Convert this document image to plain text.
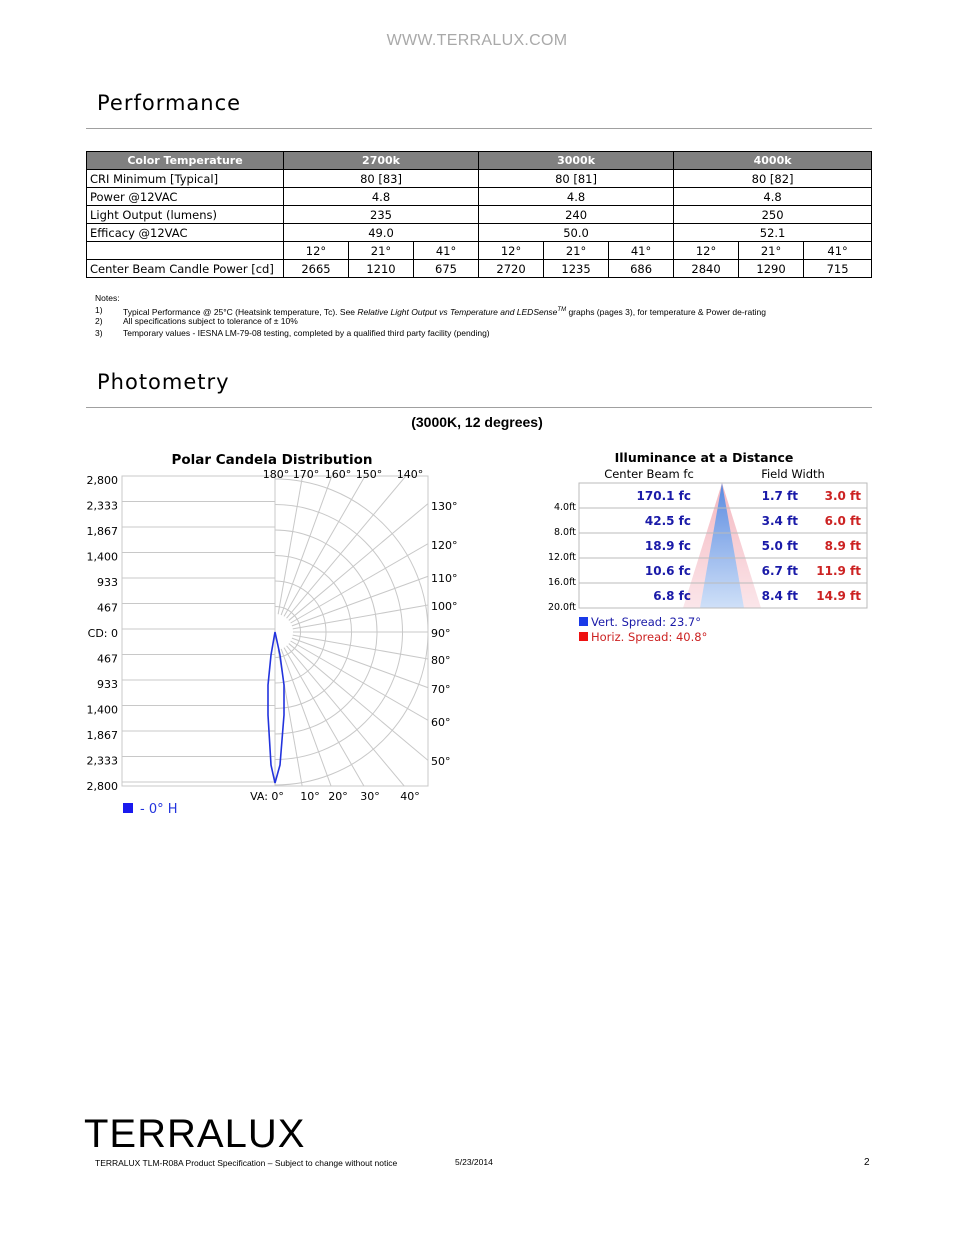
WWW.TERRALUX.COM
Performance
Color Temperature	2700k			3000k			4000k		
CRI Minimum [Typical]	80 [83]			80 [81]			80 [82]		
Power @12VAC	4.8			4.8			4.8		
Light Output (lumens)	235			240			250		
Efficacy @12VAC	49.0			50.0			52.1		
	12°	21°	41°	12°	21°	41°	12°	21°	41°
Center Beam Candle Power [cd]	2665	1210	675	2720	1235	686	2840	1290	715
Notes:
1) Typical Performance @ 25°C (Heatsink temperature, Tc). See Relative Light Output vs Temperature and LEDSense™ graphs (pages 3), for temperature & Power de-rating
2) All specifications subject to tolerance of ± 10%
3) Temporary values - IESNA LM-79-08 testing, completed by a qualified third party facility (pending)
Photometry
(3000K, 12 degrees)
Polar Candela Distribution
2,800
2,333
1,867
1,400
933
467
CD: 0
467
933
1,400
1,867
2,333
2,800
180° 170° 160° 150° 140°
130°
120°
110°
100°
90°
80°
70°
60°
50°
VA: 0° 10° 20° 30° 40°
- 0° H
Illuminance at a Distance
Center Beam fc	Field Width
4.0ft
170.1 fc	1.7 ft 3.0 ft
8.0ft
42.5 fc	3.4 ft 6.0 ft
12.0ft
18.9 fc	5.0 ft 8.9 ft
16.0ft
10.6 fc	6.7 ft 11.9 ft
20.0ft
6.8 fc	8.4 ft 14.9 ft
Vert. Spread: 23.7°
Horiz. Spread: 40.8°
TERRALUX
TERRALUX TLM-R08A Product Specification – Subject to change without notice	5/23/2014	2
